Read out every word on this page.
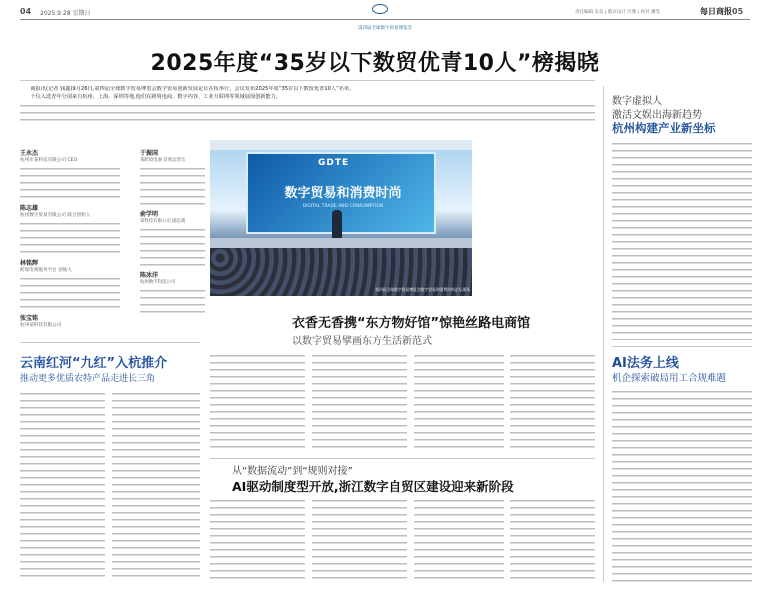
04 2025.9.28 星期日	责任编辑 吴美 | 版式设计 汪雅 | 校对 潘雯	每日商报 05
第四届全球数字贸易博览会
2025年度“35岁以下数贸优青10人”榜揭晓

商报讯(记者 钱鑫)9月26日,第四届全球数字贸易博览会数字贸易创新发展论坛在杭举行。会议发布2025年度“35岁以下数贸优青10人”名单。

十位入选青年分别来自杭州、上海、深圳等地,他们在跨境电商、数字内容、工业互联网等领域展现创新能力。

王永杰
杭州市某科技有限公司 CEO
陈志雄
杭州数字贸易有限公司 联合创始人
林铭辉
跨境电商服务平台 创始人
张宝铭
杭州某科技有限公司
GDTE
数字贸易和消费时尚
DIGITAL TRADE AND CONSUMPTION
第四届全球数字贸易博览会数字贸易和消费时尚论坛现场
于振国
某跨境电商 首席运营官
俞学明
某科技有限公司 副总裁
陈冰洋
杭州数字科技公司
衣香无香携“东方物好馆”惊艳丝路电商馆
以数字贸易擘画东方生活新范式
云南红河“九红”入杭推介
推动更多优质农特产品走进长三角
从“数据流动”到“规则对接”
AI驱动制度型开放,浙江数字自贸区建设迎来新阶段
数字虚拟人
激活文娱出海新趋势
杭州构建产业新坐标
AI法务上线
机企探索破局用工合规难题
